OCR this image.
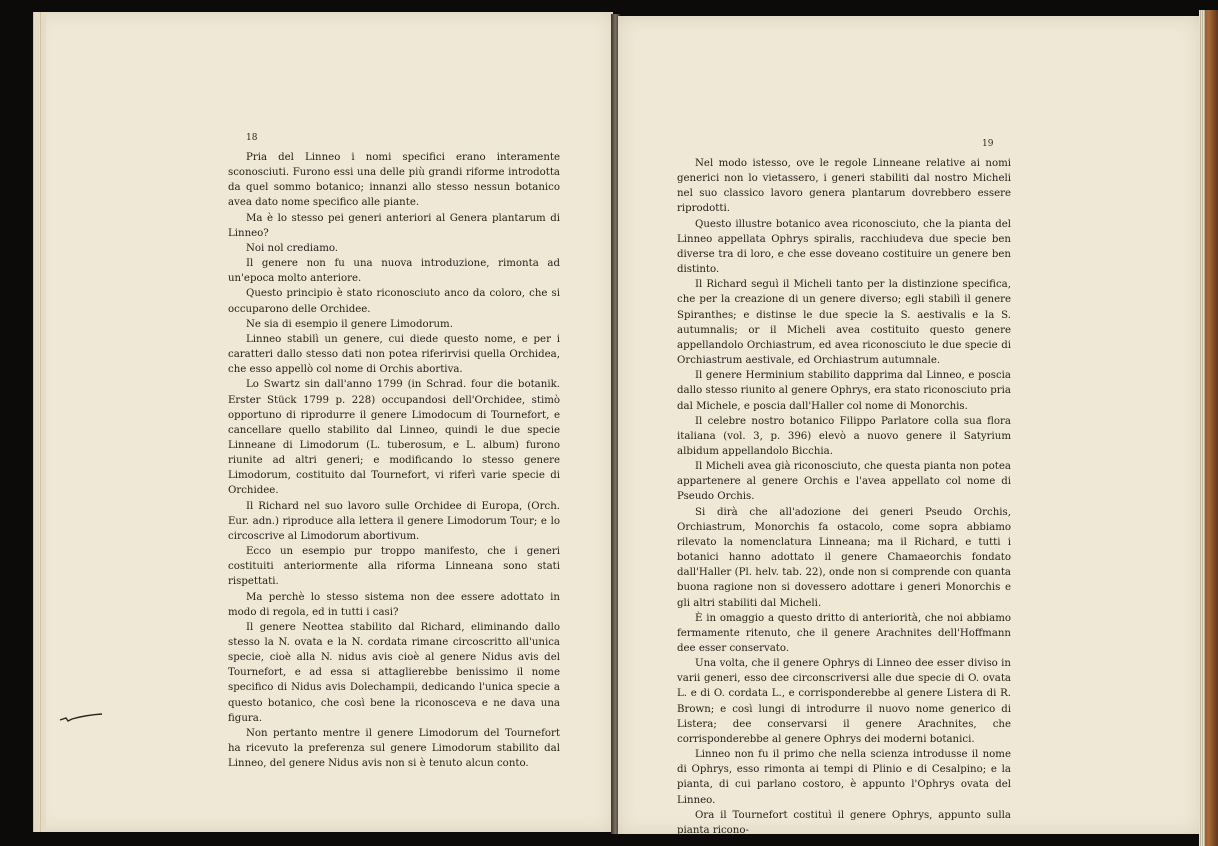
18
19

Pria del Linneo i nomi specifici erano interamente sconosciuti. Furono essi una delle più grandi riforme introdotta da quel sommo botanico; innanzi allo stesso nessun botanico avea dato nome specifico alle piante.

Ma è lo stesso pei generi anteriori al Genera plantarum di Linneo?

Noi nol crediamo.

Il genere non fu una nuova introduzione, rimonta ad un'epoca molto anteriore.

Questo principio è stato riconosciuto anco da coloro, che si occuparono delle Orchidee.

Ne sia di esempio il genere Limodorum.

Linneo stabilì un genere, cui diede questo nome, e per i caratteri dallo stesso dati non potea riferirvisi quella Orchidea, che esso appellò col nome di Orchis abortiva.

Lo Swartz sin dall'anno 1799 (in Schrad. four die botanik. Erster Stück 1799 p. 228) occupandosi dell'Orchidee, stimò opportuno di riprodurre il genere Limodocum di Tournefort, e cancellare quello stabilito dal Linneo, quindi le due specie Linneane di Limodorum (L. tuberosum, e L. album) furono riunite ad altri generi; e modificando lo stesso genere Limodorum, costituito dal Tournefort, vi riferì varie specie di Orchidee.

Il Richard nel suo lavoro sulle Orchidee di Europa, (Orch. Eur. adn.) riproduce alla lettera il genere Limodorum Tour; e lo circoscrive al Limodorum abortivum.

Ecco un esempio pur troppo manifesto, che i generi costituiti anteriormente alla riforma Linneana sono stati rispettati.

Ma perchè lo stesso sistema non dee essere adottato in modo di regola, ed in tutti i casi?

Il genere Neottea stabilito dal Richard, eliminando dallo stesso la N. ovata e la N. cordata rimane circoscritto all'unica specie, cioè alla N. nidus avis cioè al genere Nidus avis del Tournefort, e ad essa si attaglierebbe benissimo il nome specifico di Nidus avis Dolechampii, dedicando l'unica specie a questo botanico, che così bene la riconosceva e ne dava una figura.

Non pertanto mentre il genere Limodorum del Tournefort ha ricevuto la preferenza sul genere Limodorum stabilito dal Linneo, del genere Nidus avis non si è tenuto alcun conto.

Nel modo istesso, ove le regole Linneane relative ai nomi generici non lo vietassero, i generi stabiliti dal nostro Micheli nel suo classico lavoro genera plantarum dovrebbero essere riprodotti.

Questo illustre botanico avea riconosciuto, che la pianta del Linneo appellata Ophrys spiralis, racchiudeva due specie ben diverse tra di loro, e che esse doveano costituire un genere ben distinto.

Il Richard seguì il Micheli tanto per la distinzione specifica, che per la creazione di un genere diverso; egli stabilì il genere Spiranthes; e distinse le due specie la S. aestivalis e la S. autumnalis; or il Micheli avea costituito questo genere appellandolo Orchiastrum, ed avea riconosciuto le due specie di Orchiastrum aestivale, ed Orchiastrum autumnale.

Il genere Herminium stabilito dapprima dal Linneo, e poscia dallo stesso riunito al genere Ophrys, era stato riconosciuto pria dal Michele, e poscia dall'Haller col nome di Monorchis.

Il celebre nostro botanico Filippo Parlatore colla sua flora italiana (vol. 3, p. 396) elevò a nuovo genere il Satyrium albidum appellandolo Bicchia.

Il Micheli avea già riconosciuto, che questa pianta non potea appartenere al genere Orchis e l'avea appellato col nome di Pseudo Orchis.

Si dirà che all'adozione dei generi Pseudo Orchis, Orchiastrum, Monorchis fa ostacolo, come sopra abbiamo rilevato la nomenclatura Linneana; ma il Richard, e tutti i botanici hanno adottato il genere Chamaeorchis fondato dall'Haller (Pl. helv. tab. 22), onde non si comprende con quanta buona ragione non si dovessero adottare i generi Monorchis e gli altri stabiliti dal Micheli.

È in omaggio a questo dritto di anteriorità, che noi abbiamo fermamente ritenuto, che il genere Arachnites dell'Hoffmann dee esser conservato.

Una volta, che il genere Ophrys di Linneo dee esser diviso in varii generi, esso dee circonscriversi alle due specie di O. ovata L. e di O. cordata L., e corrisponderebbe al genere Listera di R. Brown; e così lungi di introdurre il nuovo nome generico di Listera; dee conservarsi il genere Arachnites, che corrisponderebbe al genere Ophrys dei moderni botanici.

Linneo non fu il primo che nella scienza introdusse il nome di Ophrys, esso rimonta ai tempi di Plinio e di Cesalpino; e la pianta, di cui parlano costoro, è appunto l'Ophrys ovata del Linneo.

Ora il Tournefort costituì il genere Ophrys, appunto sulla pianta ricono-
